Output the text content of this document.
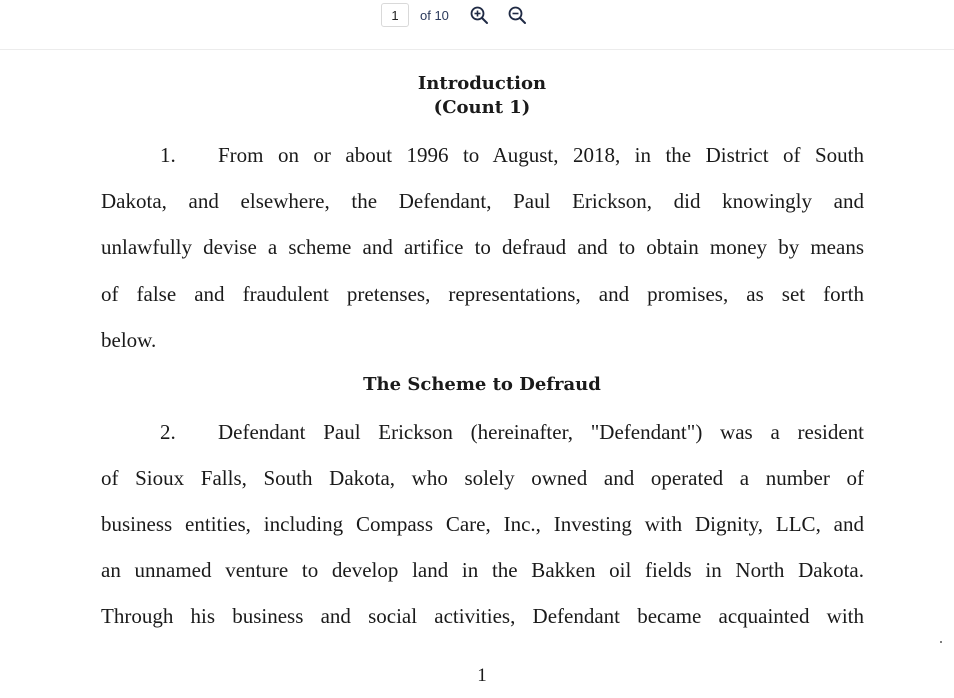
1
of 10
Introduction
(Count 1)

1. From on or about 1996 to August, 2018, in the District of South

Dakota, and elsewhere, the Defendant, Paul Erickson, did knowingly and

unlawfully devise a scheme and artifice to defraud and to obtain money by means

of false and fraudulent pretenses, representations, and promises, as set forth

below.

The Scheme to Defraud

2. Defendant Paul Erickson (hereinafter, "Defendant") was a resident

of Sioux Falls, South Dakota, who solely owned and operated a number of

business entities, including Compass Care, Inc., Investing with Dignity, LLC, and

an unnamed venture to develop land in the Bakken oil fields in North Dakota.

Through his business and social activities, Defendant became acquainted with

1
